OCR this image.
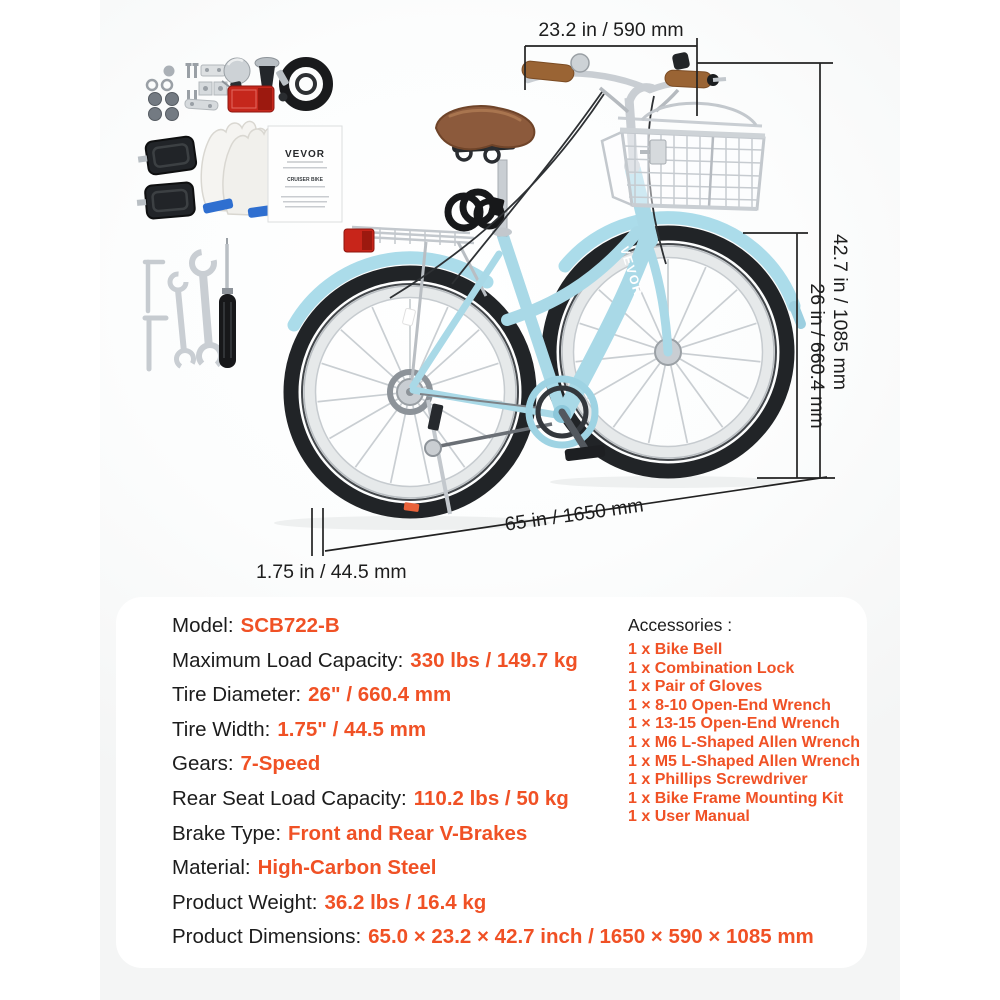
VEVOR
VEVOR
CRUISER BIKE
23.2 in / 590 mm
42.7 in / 1085 mm
26 in / 660.4 mm
65 in / 1650 mm
1.75 in / 44.5 mm
Model: SCB722-B
Maximum Load Capacity: 330 lbs / 149.7 kg
Tire Diameter: 26" / 660.4 mm
Tire Width: 1.75" / 44.5 mm
Gears: 7-Speed
Rear Seat Load Capacity: 110.2 lbs / 50 kg
Brake Type: Front and Rear V-Brakes
Material: High-Carbon Steel
Product Weight: 36.2 lbs / 16.4 kg
Product Dimensions: 65.0 × 23.2 × 42.7 inch / 1650 × 590 × 1085 mm
Accessories :
1 x Bike Bell
1 x Combination Lock
1 x Pair of Gloves
1 × 8-10 Open-End Wrench
1 × 13-15 Open-End Wrench
1 x M6 L-Shaped Allen Wrench
1 x M5 L-Shaped Allen Wrench
1 x Phillips Screwdriver
1 x Bike Frame Mounting Kit
1 x User Manual
